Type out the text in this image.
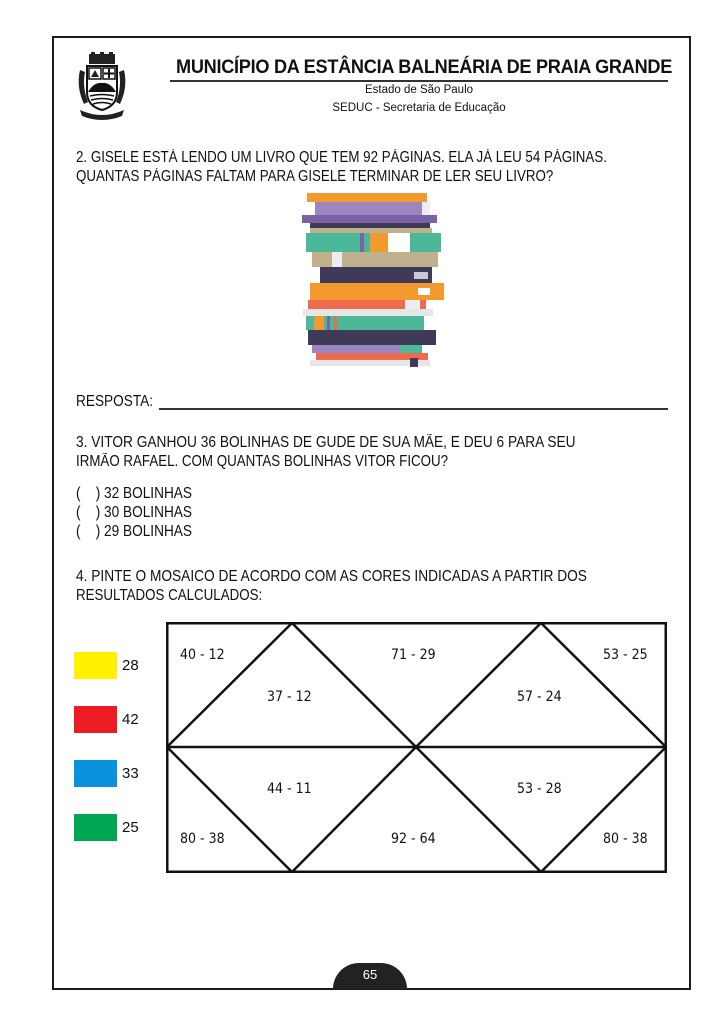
MUNICÍPIO DA ESTÂNCIA BALNEÁRIA DE PRAIA GRANDE
Estado de São Paulo
SEDUC - Secretaria de Educação
2. GISELE ESTÁ LENDO UM LIVRO QUE TEM 92 PÁGINAS. ELA JÁ LEU 54 PÁGINAS.
QUANTAS PÁGINAS FALTAM PARA GISELE TERMINAR DE LER SEU LIVRO?
RESPOSTA:
3. VITOR GANHOU 36 BOLINHAS DE GUDE DE SUA MÃE, E DEU 6 PARA SEU
IRMÃO RAFAEL. COM QUANTAS BOLINHAS VITOR FICOU?
(    ) 32 BOLINHAS
(    ) 30 BOLINHAS
(    ) 29 BOLINHAS
4. PINTE O MOSAICO DE ACORDO COM AS CORES INDICADAS A PARTIR DOS
RESULTADOS CALCULADOS:
28
42
33
25
40 - 12
37 - 12
71 - 29
57 - 24
53 - 25
44 - 11	53 - 28
80 - 38	92 - 64	80 - 38
65
